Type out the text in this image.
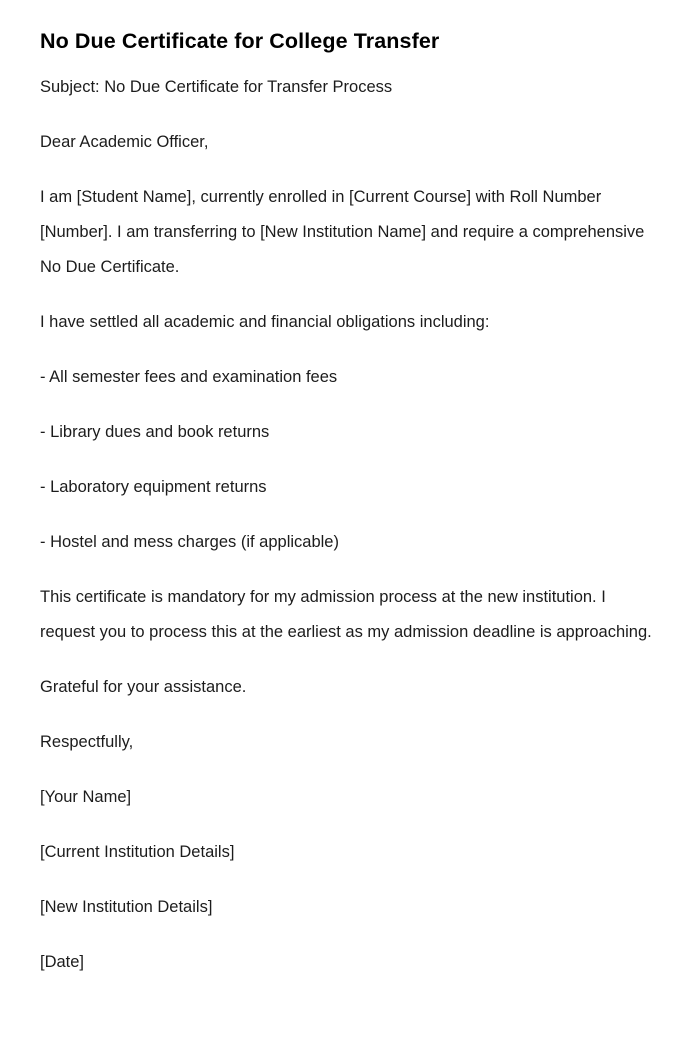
No Due Certificate for College Transfer

Subject: No Due Certificate for Transfer Process

Dear Academic Officer,

I am [Student Name], currently enrolled in [Current Course] with Roll Number [Number]. I am transferring to [New Institution Name] and require a comprehensive No Due Certificate.

I have settled all academic and financial obligations including:

- All semester fees and examination fees

- Library dues and book returns

- Laboratory equipment returns

- Hostel and mess charges (if applicable)

This certificate is mandatory for my admission process at the new institution. I request you to process this at the earliest as my admission deadline is approaching.

Grateful for your assistance.

Respectfully,

[Your Name]

[Current Institution Details]

[New Institution Details]

[Date]
